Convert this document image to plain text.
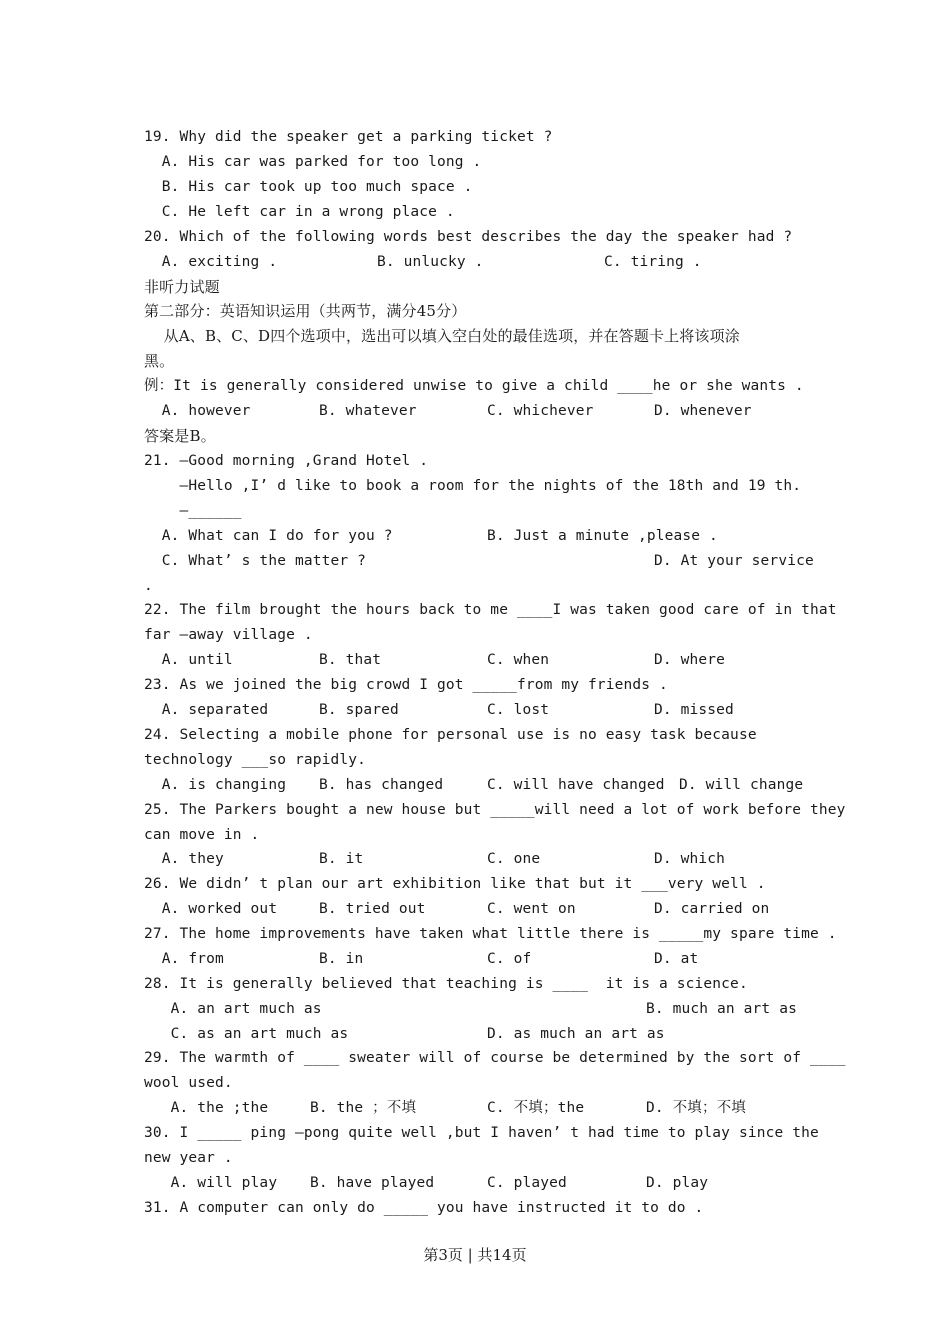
19. Why did the speaker get a parking ticket ?
A. His car was parked for too long .
B. His car took up too much space .
C. He left car in a wrong place .
20. Which of the following words best describes the day the speaker had ?
A. exciting .	B. unlucky .	C. tiring .
非听力试题
第二部分：英语知识运用（共两节，满分45分）
从A、B、C、D四个选项中，选出可以填入空白处的最佳选项，并在答题卡上将该项涂
黑。
例：It is generally considered unwise to give a child ____he or she wants .
A. however	B. whatever	C. whichever	D. whenever
答案是B。
21. —Good morning ,Grand Hotel .
—Hello ,I’ d like to book a room for the nights of the 18th and 19 th.
—______
A. What can I do for you ?	B. Just a minute ,please .
C. What’ s the matter ?	D. At your service
.
22. The film brought the hours back to me ____I was taken good care of in that
far –away village .
A. until	B. that	C. when	D. where
23. As we joined the big crowd I got _____from my friends .
A. separated	B. spared	C. lost	D. missed
24. Selecting a mobile phone for personal use is no easy task because
technology ___so rapidly.
A. is changing B. has changed	C. will have changed D. will change
25. The Parkers bought a new house but _____will need a lot of work before they
can move in .
A. they	B. it	C. one	D. which
26. We didn’ t plan our art exhibition like that but it ___very well .
A. worked out	B. tried out	C. went on	D. carried on
27. The home improvements have taken what little there is _____my spare time .
A. from	B. in	C. of	D. at
28. It is generally believed that teaching is ____  it is a science.
A. an art much as	B. much an art as
C. as an art much as	D. as much an art as
29. The warmth of ____ sweater will of course be determined by the sort of ____
wool used.
A. the ;the	B. the ；不填	C. 不填；the	D. 不填；不填
30. I _____ ping —pong quite well ,but I haven’ t had time to play since the
new year .
A. will play B. have played	C. played	D. play
31. A computer can only do _____ you have instructed it to do .
第3页 | 共14页
